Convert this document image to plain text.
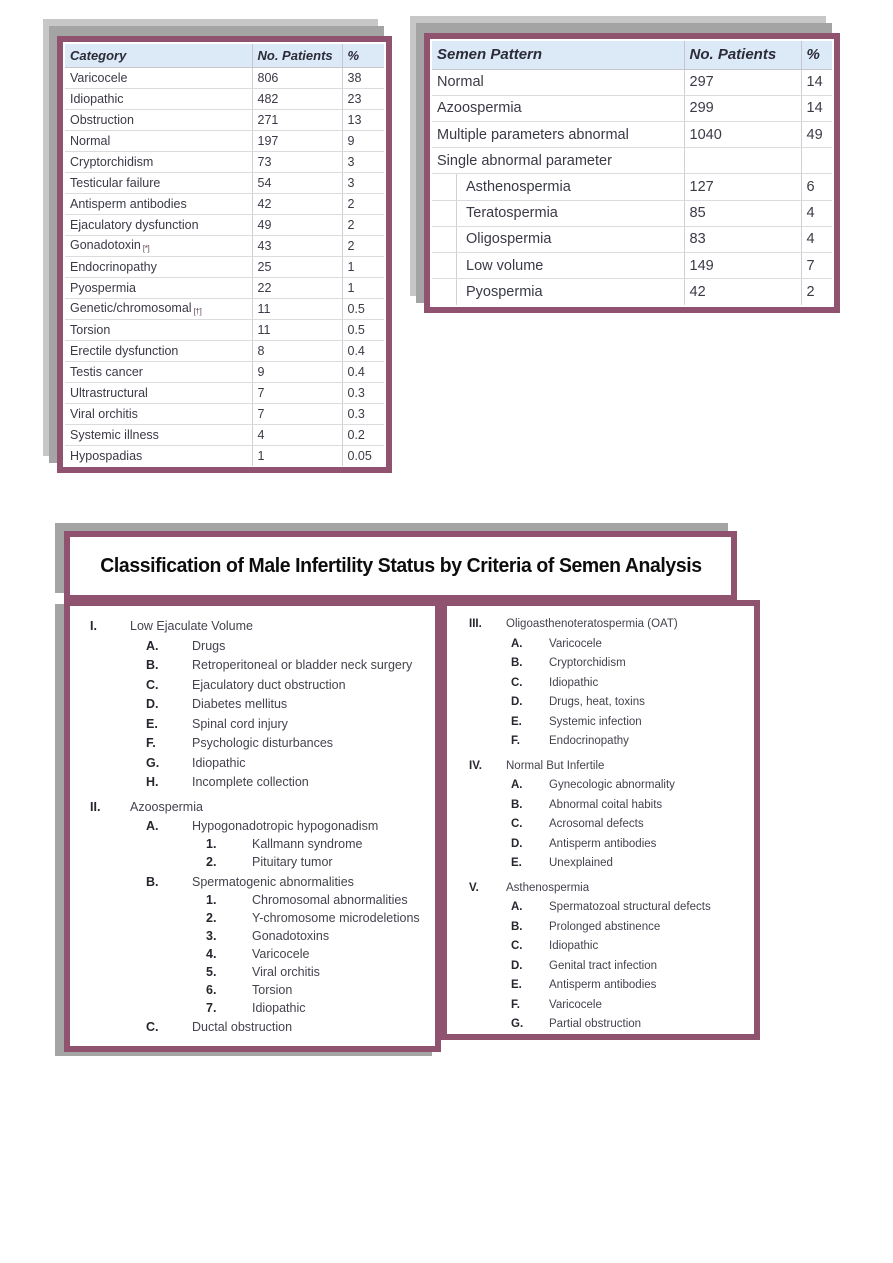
Category	No. Patients	%
Varicocele	806	38
Idiopathic	482	23
Obstruction	271	13
Normal	197	9
Cryptorchidism	73	3
Testicular failure	54	3
Antisperm antibodies	42	2
Ejaculatory dysfunction	49	2
Gonadotoxin [*]	43	2
Endocrinopathy	25	1
Pyospermia	22	1
Genetic/chromosomal [†]	11	0.5
Torsion	11	0.5
Erectile dysfunction	8	0.4
Testis cancer	9	0.4
Ultrastructural	7	0.3
Viral orchitis	7	0.3
Systemic illness	4	0.2
Hypospadias	1	0.05
Semen Pattern	No. Patients	%
Normal	297	14
Azoospermia	299	14
Multiple parameters abnormal	1040	49
Single abnormal parameter		
Asthenospermia	127	6
Teratospermia	85	4
Oligospermia	83	4
Low volume	149	7
Pyospermia	42	2
Classification of Male Infertility Status by Criteria of Semen Analysis
I.	Low Ejaculate Volume
A.	Drugs
B.	Retroperitoneal or bladder neck surgery
C.	Ejaculatory duct obstruction
D.	Diabetes mellitus
E.	Spinal cord injury
F.	Psychologic disturbances
G.	Idiopathic
H.	Incomplete collection
II.	Azoospermia
A.	Hypogonadotropic hypogonadism
1.	Kallmann syndrome
2.	Pituitary tumor
B.	Spermatogenic abnormalities
1.	Chromosomal abnormalities
2.	Y-chromosome microdeletions
3.	Gonadotoxins
4.	Varicocele
5.	Viral orchitis
6.	Torsion
7.	Idiopathic
C.	Ductal obstruction
III.	Oligoasthenoteratospermia (OAT)
A.	Varicocele
B.	Cryptorchidism
C.	Idiopathic
D.	Drugs, heat, toxins
E.	Systemic infection
F.	Endocrinopathy
IV.	Normal But Infertile
A.	Gynecologic abnormality
B.	Abnormal coital habits
C.	Acrosomal defects
D.	Antisperm antibodies
E.	Unexplained
V.	Asthenospermia
A.	Spermatozoal structural defects
B.	Prolonged abstinence
C.	Idiopathic
D.	Genital tract infection
E.	Antisperm antibodies
F.	Varicocele
G.	Partial obstruction
